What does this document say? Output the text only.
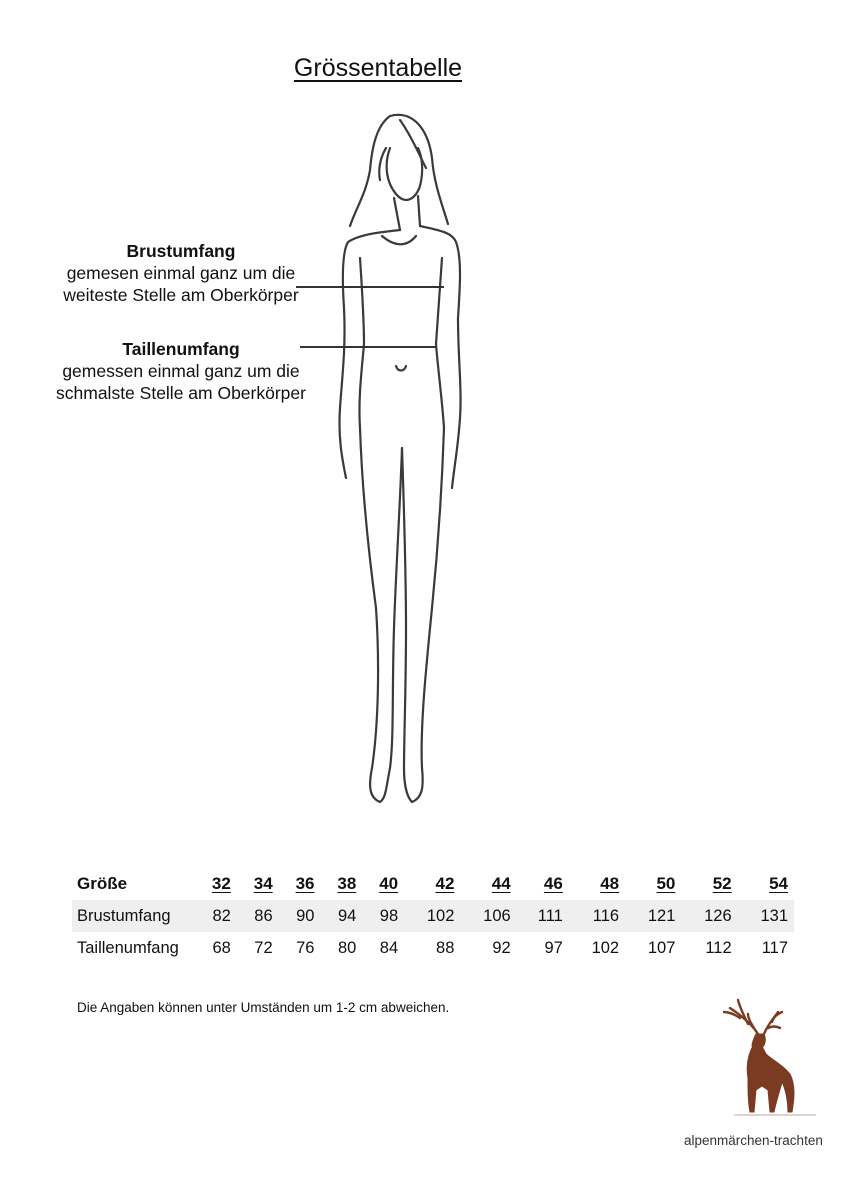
Grössentabelle
Brustumfang
gemesen einmal ganz um die
weiteste Stelle am Oberkörper
Taillenumfang
gemessen einmal ganz um die
schmalste Stelle am Oberkörper
Größe	32	34	36	38	40	42	44	46	48	50	52	54
Brustumfang	82	86	90	94	98	102	106	111	116	121	126	131
Taillenumfang	68	72	76	80	84	88	92	97	102	107	112	117
Die Angaben können unter Umständen um 1-2 cm abweichen.
alpenmärchen-trachten
